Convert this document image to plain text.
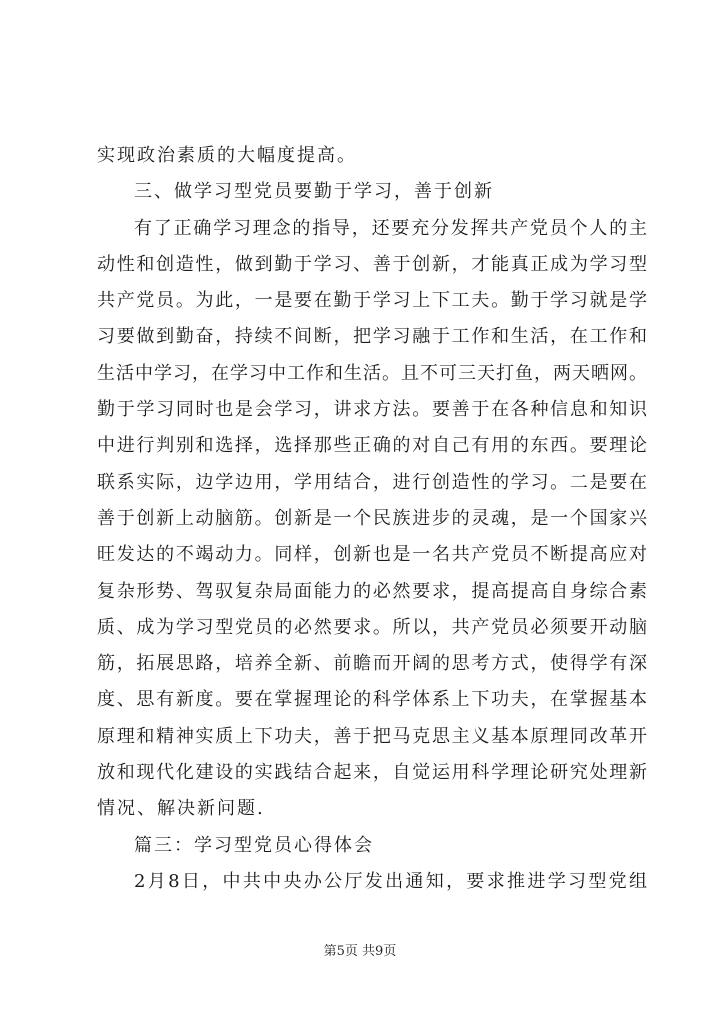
实现政治素质的大幅度提高。
三、做学习型党员要勤于学习，善于创新
有了正确学习理念的指导，还要充分发挥共产党员个人的主
动性和创造性，做到勤于学习、善于创新，才能真正成为学习型
共产党员。为此，一是要在勤于学习上下工夫。勤于学习就是学
习要做到勤奋，持续不间断，把学习融于工作和生活，在工作和
生活中学习，在学习中工作和生活。且不可三天打鱼，两天晒网。
勤于学习同时也是会学习，讲求方法。要善于在各种信息和知识
中进行判别和选择，选择那些正确的对自己有用的东西。要理论
联系实际，边学边用，学用结合，进行创造性的学习。二是要在
善于创新上动脑筋。创新是一个民族进步的灵魂，是一个国家兴
旺发达的不竭动力。同样，创新也是一名共产党员不断提高应对
复杂形势、驾驭复杂局面能力的必然要求，提高提高自身综合素
质、成为学习型党员的必然要求。所以，共产党员必须要开动脑
筋，拓展思路，培养全新、前瞻而开阔的思考方式，使得学有深
度、思有新度。要在掌握理论的科学体系上下功夫，在掌握基本
原理和精神实质上下功夫，善于把马克思主义基本原理同改革开
放和现代化建设的实践结合起来，自觉运用科学理论研究处理新
情况、解决新问题.
篇三：学习型党员心得体会
2月8日，中共中央办公厅发出通知，要求推进学习型党组
第5页 共9页
